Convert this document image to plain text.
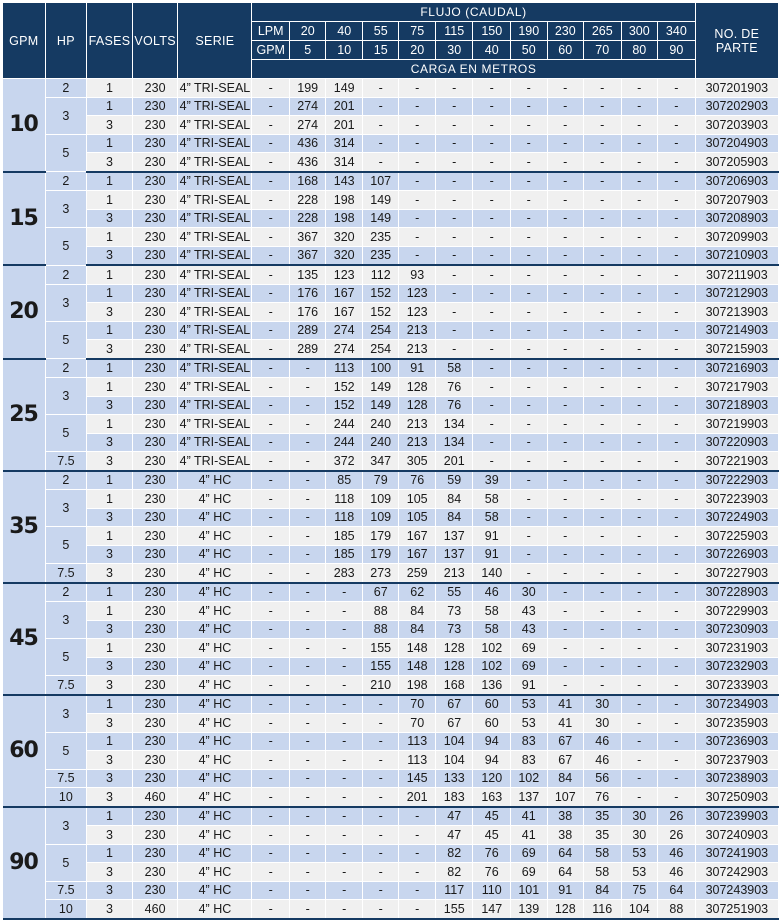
GPM	HP	FASES	VOLTS	SERIE	FLUJO (CAUDAL)												NO. DE
PARTE

					LPM	20	40	55	75	115	150	190	230	265	300	340	
					GPM	5	10	15	20	30	40	50	60	70	80	90	
					CARGA EN METROS												
10	2	1	230	4” TRI-SEAL	-	199	149	-	-	-	-	-	-	-	-	-	307201903
	3	1	230	4” TRI-SEAL	-	274	201	-	-	-	-	-	-	-	-	-	307202903
		3	230	4” TRI-SEAL	-	274	201	-	-	-	-	-	-	-	-	-	307203903
	5	1	230	4” TRI-SEAL	-	436	314	-	-	-	-	-	-	-	-	-	307204903
		3	230	4” TRI-SEAL	-	436	314	-	-	-	-	-	-	-	-	-	307205903
15	2	1	230	4” TRI-SEAL	-	168	143	107	-	-	-	-	-	-	-	-	307206903
	3	1	230	4” TRI-SEAL	-	228	198	149	-	-	-	-	-	-	-	-	307207903
		3	230	4” TRI-SEAL	-	228	198	149	-	-	-	-	-	-	-	-	307208903
	5	1	230	4” TRI-SEAL	-	367	320	235	-	-	-	-	-	-	-	-	307209903
		3	230	4” TRI-SEAL	-	367	320	235	-	-	-	-	-	-	-	-	307210903
20	2	1	230	4” TRI-SEAL	-	135	123	112	93	-	-	-	-	-	-	-	307211903
	3	1	230	4” TRI-SEAL	-	176	167	152	123	-	-	-	-	-	-	-	307212903
		3	230	4” TRI-SEAL	-	176	167	152	123	-	-	-	-	-	-	-	307213903
	5	1	230	4” TRI-SEAL	-	289	274	254	213	-	-	-	-	-	-	-	307214903
		3	230	4” TRI-SEAL	-	289	274	254	213	-	-	-	-	-	-	-	307215903
25	2	1	230	4” TRI-SEAL	-	-	113	100	91	58	-	-	-	-	-	-	307216903
	3	1	230	4” TRI-SEAL	-	-	152	149	128	76	-	-	-	-	-	-	307217903
		3	230	4” TRI-SEAL	-	-	152	149	128	76	-	-	-	-	-	-	307218903
	5	1	230	4” TRI-SEAL	-	-	244	240	213	134	-	-	-	-	-	-	307219903
		3	230	4” TRI-SEAL	-	-	244	240	213	134	-	-	-	-	-	-	307220903
	7.5	3	230	4” TRI-SEAL	-	-	372	347	305	201	-	-	-	-	-	-	307221903
35	2	1	230	4” HC	-	-	85	79	76	59	39	-	-	-	-	-	307222903
	3	1	230	4” HC	-	-	118	109	105	84	58	-	-	-	-	-	307223903
		3	230	4” HC	-	-	118	109	105	84	58	-	-	-	-	-	307224903
	5	1	230	4” HC	-	-	185	179	167	137	91	-	-	-	-	-	307225903
		3	230	4” HC	-	-	185	179	167	137	91	-	-	-	-	-	307226903
	7.5	3	230	4” HC	-	-	283	273	259	213	140	-	-	-	-	-	307227903
45	2	1	230	4” HC	-	-	-	67	62	55	46	30	-	-	-	-	307228903
	3	1	230	4” HC	-	-	-	88	84	73	58	43	-	-	-	-	307229903
		3	230	4” HC	-	-	-	88	84	73	58	43	-	-	-	-	307230903
	5	1	230	4” HC	-	-	-	155	148	128	102	69	-	-	-	-	307231903
		3	230	4” HC	-	-	-	155	148	128	102	69	-	-	-	-	307232903
	7.5	3	230	4” HC	-	-	-	210	198	168	136	91	-	-	-	-	307233903
60	3	1	230	4” HC	-	-	-	-	70	67	60	53	41	30	-	-	307234903
		3	230	4” HC	-	-	-	-	70	67	60	53	41	30	-	-	307235903
	5	1	230	4” HC	-	-	-	-	113	104	94	83	67	46	-	-	307236903
		3	230	4” HC	-	-	-	-	113	104	94	83	67	46	-	-	307237903
	7.5	3	230	4” HC	-	-	-	-	145	133	120	102	84	56	-	-	307238903
	10	3	460	4” HC	-	-	-	-	201	183	163	137	107	76	-	-	307250903
90	3	1	230	4” HC	-	-	-	-	-	47	45	41	38	35	30	26	307239903
		3	230	4” HC	-	-	-	-	-	47	45	41	38	35	30	26	307240903
	5	1	230	4” HC	-	-	-	-	-	82	76	69	64	58	53	46	307241903
		3	230	4” HC	-	-	-	-	-	82	76	69	64	58	53	46	307242903
	7.5	3	230	4” HC	-	-	-	-	-	117	110	101	91	84	75	64	307243903
	10	3	460	4” HC	-	-	-	-	-	155	147	139	128	116	104	88	307251903
